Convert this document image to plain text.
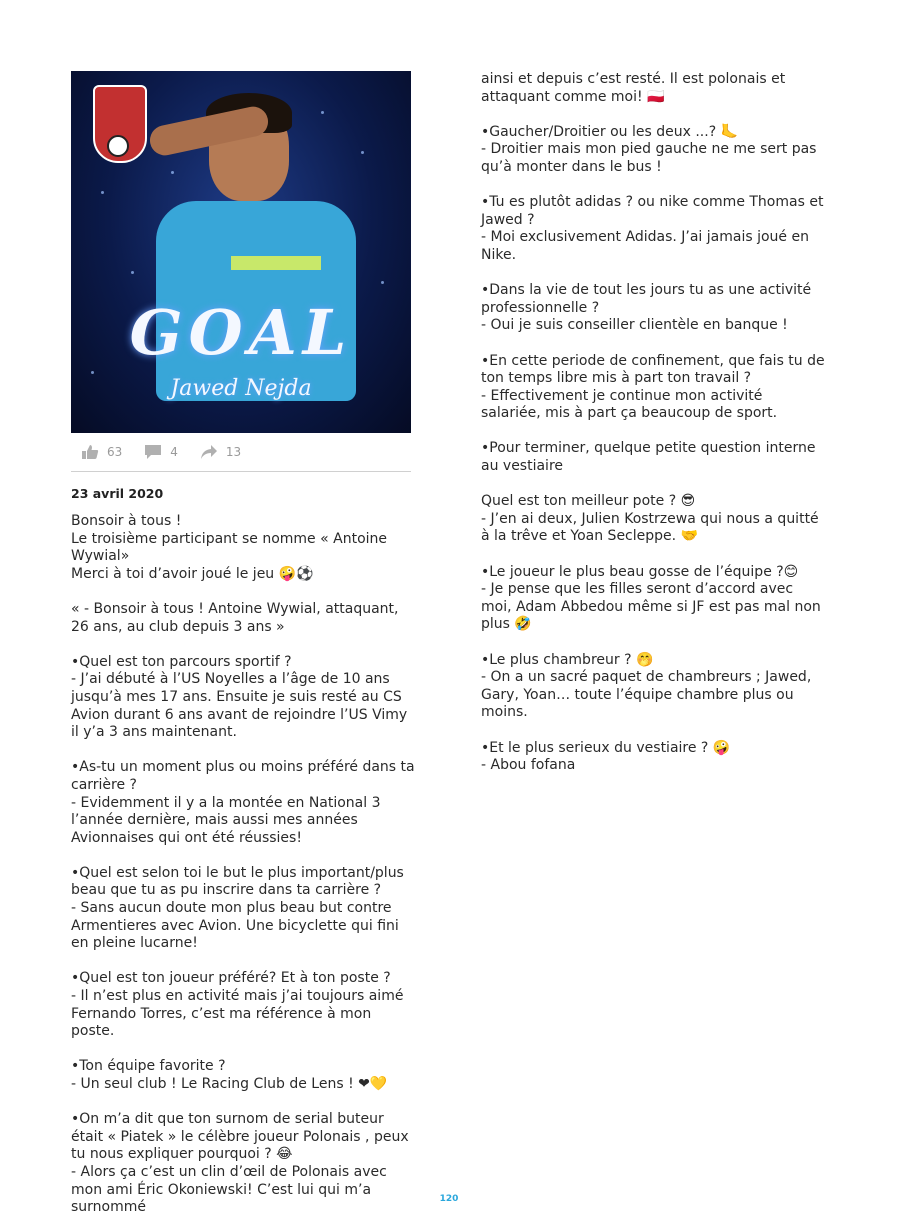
GOAL
Jawed Nejda
63	4	13
23 avril 2020
Bonsoir à tous !
Le troisième participant se nomme « Antoine Wywial»
Merci à toi d’avoir joué le jeu 🤪⚽

« - Bonsoir à tous ! Antoine Wywial, attaquant, 26 ans, au club depuis 3 ans »

•Quel est ton parcours sportif ?
- J’ai débuté à l’US Noyelles a l’âge de 10 ans jusqu’à mes 17 ans. Ensuite je suis resté au CS Avion durant 6 ans avant de rejoindre l’US Vimy il y’a 3 ans maintenant.

•As-tu un moment plus ou moins préféré dans ta carrière ?
- Evidemment il y a la montée en National 3 l’année dernière, mais aussi mes années Avionnaises qui ont été réussies!

•Quel est selon toi le but le plus important/plus beau que tu as pu inscrire dans ta carrière ?
- Sans aucun doute mon plus beau but contre Armentieres avec Avion. Une bicyclette qui fini en pleine lucarne!

•Quel est ton joueur préféré? Et à ton poste ?
- Il n’est plus en activité mais j’ai toujours aimé Fernando Torres, c’est ma référence à mon poste.

•Ton équipe favorite ?
- Un seul club ! Le Racing Club de Lens ! ❤💛

•On m’a dit que ton surnom de serial buteur était « Piatek » le célèbre joueur Polonais , peux tu nous expliquer pourquoi ? 😂
- Alors ça c’est un clin d’œil de Polonais avec mon ami Éric Okoniewski! C’est lui qui m’a surnommé
ainsi et depuis c’est resté. Il est polonais et attaquant comme moi! 🇵🇱

•Gaucher/Droitier ou les deux ...? 🦶
- Droitier mais mon pied gauche ne me sert pas qu’à monter dans le bus !

•Tu es plutôt adidas ? ou nike comme Thomas et Jawed ?
- Moi exclusivement Adidas. J’ai jamais joué en Nike.

•Dans la vie de tout les jours tu as une activité professionnelle ?
- Oui je suis conseiller clientèle en banque !

•En cette periode de confinement, que fais tu de ton temps libre mis à part ton travail ?
- Effectivement je continue mon activité salariée, mis à part ça beaucoup de sport.

•Pour terminer, quelque petite question interne au vestiaire

Quel est ton meilleur pote ? 😎
- J’en ai deux, Julien Kostrzewa qui nous a quitté à la trêve et Yoan Secleppe. 🤝

•Le joueur le plus beau gosse de l’équipe ?😊
- Je pense que les filles seront d’accord avec moi, Adam Abbedou même si JF est pas mal non plus 🤣

•Le plus chambreur ? 🤭
- On a un sacré paquet de chambreurs ; Jawed, Gary, Yoan… toute l’équipe chambre plus ou moins.

•Et le plus serieux du vestiaire ? 🤪
- Abou fofana
120
